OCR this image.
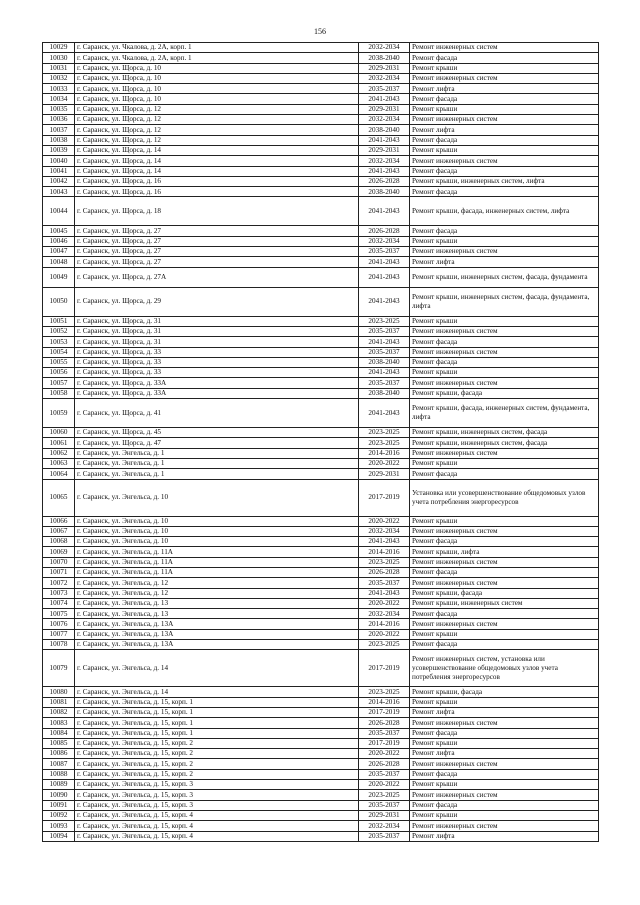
156
10029	г. Саранск, ул. Чкалова, д. 2А, корп. 1	2032-2034	Ремонт инженерных систем
10030	г. Саранск, ул. Чкалова, д. 2А, корп. 1	2038-2040	Ремонт фасада
10031	г. Саранск, ул. Щорса, д. 10	2029-2031	Ремонт крыши
10032	г. Саранск, ул. Щорса, д. 10	2032-2034	Ремонт инженерных систем
10033	г. Саранск, ул. Щорса, д. 10	2035-2037	Ремонт лифта
10034	г. Саранск, ул. Щорса, д. 10	2041-2043	Ремонт фасада
10035	г. Саранск, ул. Щорса, д. 12	2029-2031	Ремонт крыши
10036	г. Саранск, ул. Щорса, д. 12	2032-2034	Ремонт инженерных систем
10037	г. Саранск, ул. Щорса, д. 12	2038-2040	Ремонт лифта
10038	г. Саранск, ул. Щорса, д. 12	2041-2043	Ремонт фасада
10039	г. Саранск, ул. Щорса, д. 14	2029-2031	Ремонт крыши
10040	г. Саранск, ул. Щорса, д. 14	2032-2034	Ремонт инженерных систем
10041	г. Саранск, ул. Щорса, д. 14	2041-2043	Ремонт фасада
10042	г. Саранск, ул. Щорса, д. 16	2026-2028	Ремонт крыши, инженерных систем, лифта
10043	г. Саранск, ул. Щорса, д. 16	2038-2040	Ремонт фасада
10044	г. Саранск, ул. Щорса, д. 18	2041-2043	Ремонт крыши, фасада, инженерных систем, лифта
10045	г. Саранск, ул. Щорса, д. 27	2026-2028	Ремонт фасада
10046	г. Саранск, ул. Щорса, д. 27	2032-2034	Ремонт крыши
10047	г. Саранск, ул. Щорса, д. 27	2035-2037	Ремонт инженерных систем
10048	г. Саранск, ул. Щорса, д. 27	2041-2043	Ремонт лифта
10049	г. Саранск, ул. Щорса, д. 27А	2041-2043	Ремонт крыши, инженерных систем, фасада, фундамента
10050	г. Саранск, ул. Щорса, д. 29	2041-2043	Ремонт крыши, инженерных систем, фасада, фундамента, лифта
10051	г. Саранск, ул. Щорса, д. 31	2023-2025	Ремонт крыши
10052	г. Саранск, ул. Щорса, д. 31	2035-2037	Ремонт инженерных систем
10053	г. Саранск, ул. Щорса, д. 31	2041-2043	Ремонт фасада
10054	г. Саранск, ул. Щорса, д. 33	2035-2037	Ремонт инженерных систем
10055	г. Саранск, ул. Щорса, д. 33	2038-2040	Ремонт фасада
10056	г. Саранск, ул. Щорса, д. 33	2041-2043	Ремонт крыши
10057	г. Саранск, ул. Щорса, д. 33А	2035-2037	Ремонт инженерных систем
10058	г. Саранск, ул. Щорса, д. 33А	2038-2040	Ремонт крыши, фасада
10059	г. Саранск, ул. Щорса, д. 41	2041-2043	Ремонт крыши, фасада, инженерных систем, фундамента, лифта
10060	г. Саранск, ул. Щорса, д. 45	2023-2025	Ремонт крыши, инженерных систем, фасада
10061	г. Саранск, ул. Щорса, д. 47	2023-2025	Ремонт крыши, инженерных систем, фасада
10062	г. Саранск, ул. Энгельса, д. 1	2014-2016	Ремонт инженерных систем
10063	г. Саранск, ул. Энгельса, д. 1	2020-2022	Ремонт крыши
10064	г. Саранск, ул. Энгельса, д. 1	2029-2031	Ремонт фасада
10065	г. Саранск, ул. Энгельса, д. 10	2017-2019	Установка или усовершенствование общедомовых узлов учета потребления энергоресурсов
10066	г. Саранск, ул. Энгельса, д. 10	2020-2022	Ремонт крыши
10067	г. Саранск, ул. Энгельса, д. 10	2032-2034	Ремонт инженерных систем
10068	г. Саранск, ул. Энгельса, д. 10	2041-2043	Ремонт фасада
10069	г. Саранск, ул. Энгельса, д. 11А	2014-2016	Ремонт крыши, лифта
10070	г. Саранск, ул. Энгельса, д. 11А	2023-2025	Ремонт инженерных систем
10071	г. Саранск, ул. Энгельса, д. 11А	2026-2028	Ремонт фасада
10072	г. Саранск, ул. Энгельса, д. 12	2035-2037	Ремонт инженерных систем
10073	г. Саранск, ул. Энгельса, д. 12	2041-2043	Ремонт крыши, фасада
10074	г. Саранск, ул. Энгельса, д. 13	2020-2022	Ремонт крыши, инженерных систем
10075	г. Саранск, ул. Энгельса, д. 13	2032-2034	Ремонт фасада
10076	г. Саранск, ул. Энгельса, д. 13А	2014-2016	Ремонт инженерных систем
10077	г. Саранск, ул. Энгельса, д. 13А	2020-2022	Ремонт крыши
10078	г. Саранск, ул. Энгельса, д. 13А	2023-2025	Ремонт фасада
10079	г. Саранск, ул. Энгельса, д. 14	2017-2019	Ремонт инженерных систем, установка или усовершенствование общедомовых узлов учета потребления энергоресурсов
10080	г. Саранск, ул. Энгельса, д. 14	2023-2025	Ремонт крыши, фасада
10081	г. Саранск, ул. Энгельса, д. 15, корп. 1	2014-2016	Ремонт крыши
10082	г. Саранск, ул. Энгельса, д. 15, корп. 1	2017-2019	Ремонт лифта
10083	г. Саранск, ул. Энгельса, д. 15, корп. 1	2026-2028	Ремонт инженерных систем
10084	г. Саранск, ул. Энгельса, д. 15, корп. 1	2035-2037	Ремонт фасада
10085	г. Саранск, ул. Энгельса, д. 15, корп. 2	2017-2019	Ремонт крыши
10086	г. Саранск, ул. Энгельса, д. 15, корп. 2	2020-2022	Ремонт лифта
10087	г. Саранск, ул. Энгельса, д. 15, корп. 2	2026-2028	Ремонт инженерных систем
10088	г. Саранск, ул. Энгельса, д. 15, корп. 2	2035-2037	Ремонт фасада
10089	г. Саранск, ул. Энгельса, д. 15, корп. 3	2020-2022	Ремонт крыши
10090	г. Саранск, ул. Энгельса, д. 15, корп. 3	2023-2025	Ремонт инженерных систем
10091	г. Саранск, ул. Энгельса, д. 15, корп. 3	2035-2037	Ремонт фасада
10092	г. Саранск, ул. Энгельса, д. 15, корп. 4	2029-2031	Ремонт крыши
10093	г. Саранск, ул. Энгельса, д. 15, корп. 4	2032-2034	Ремонт инженерных систем
10094	г. Саранск, ул. Энгельса, д. 15, корп. 4	2035-2037	Ремонт лифта
